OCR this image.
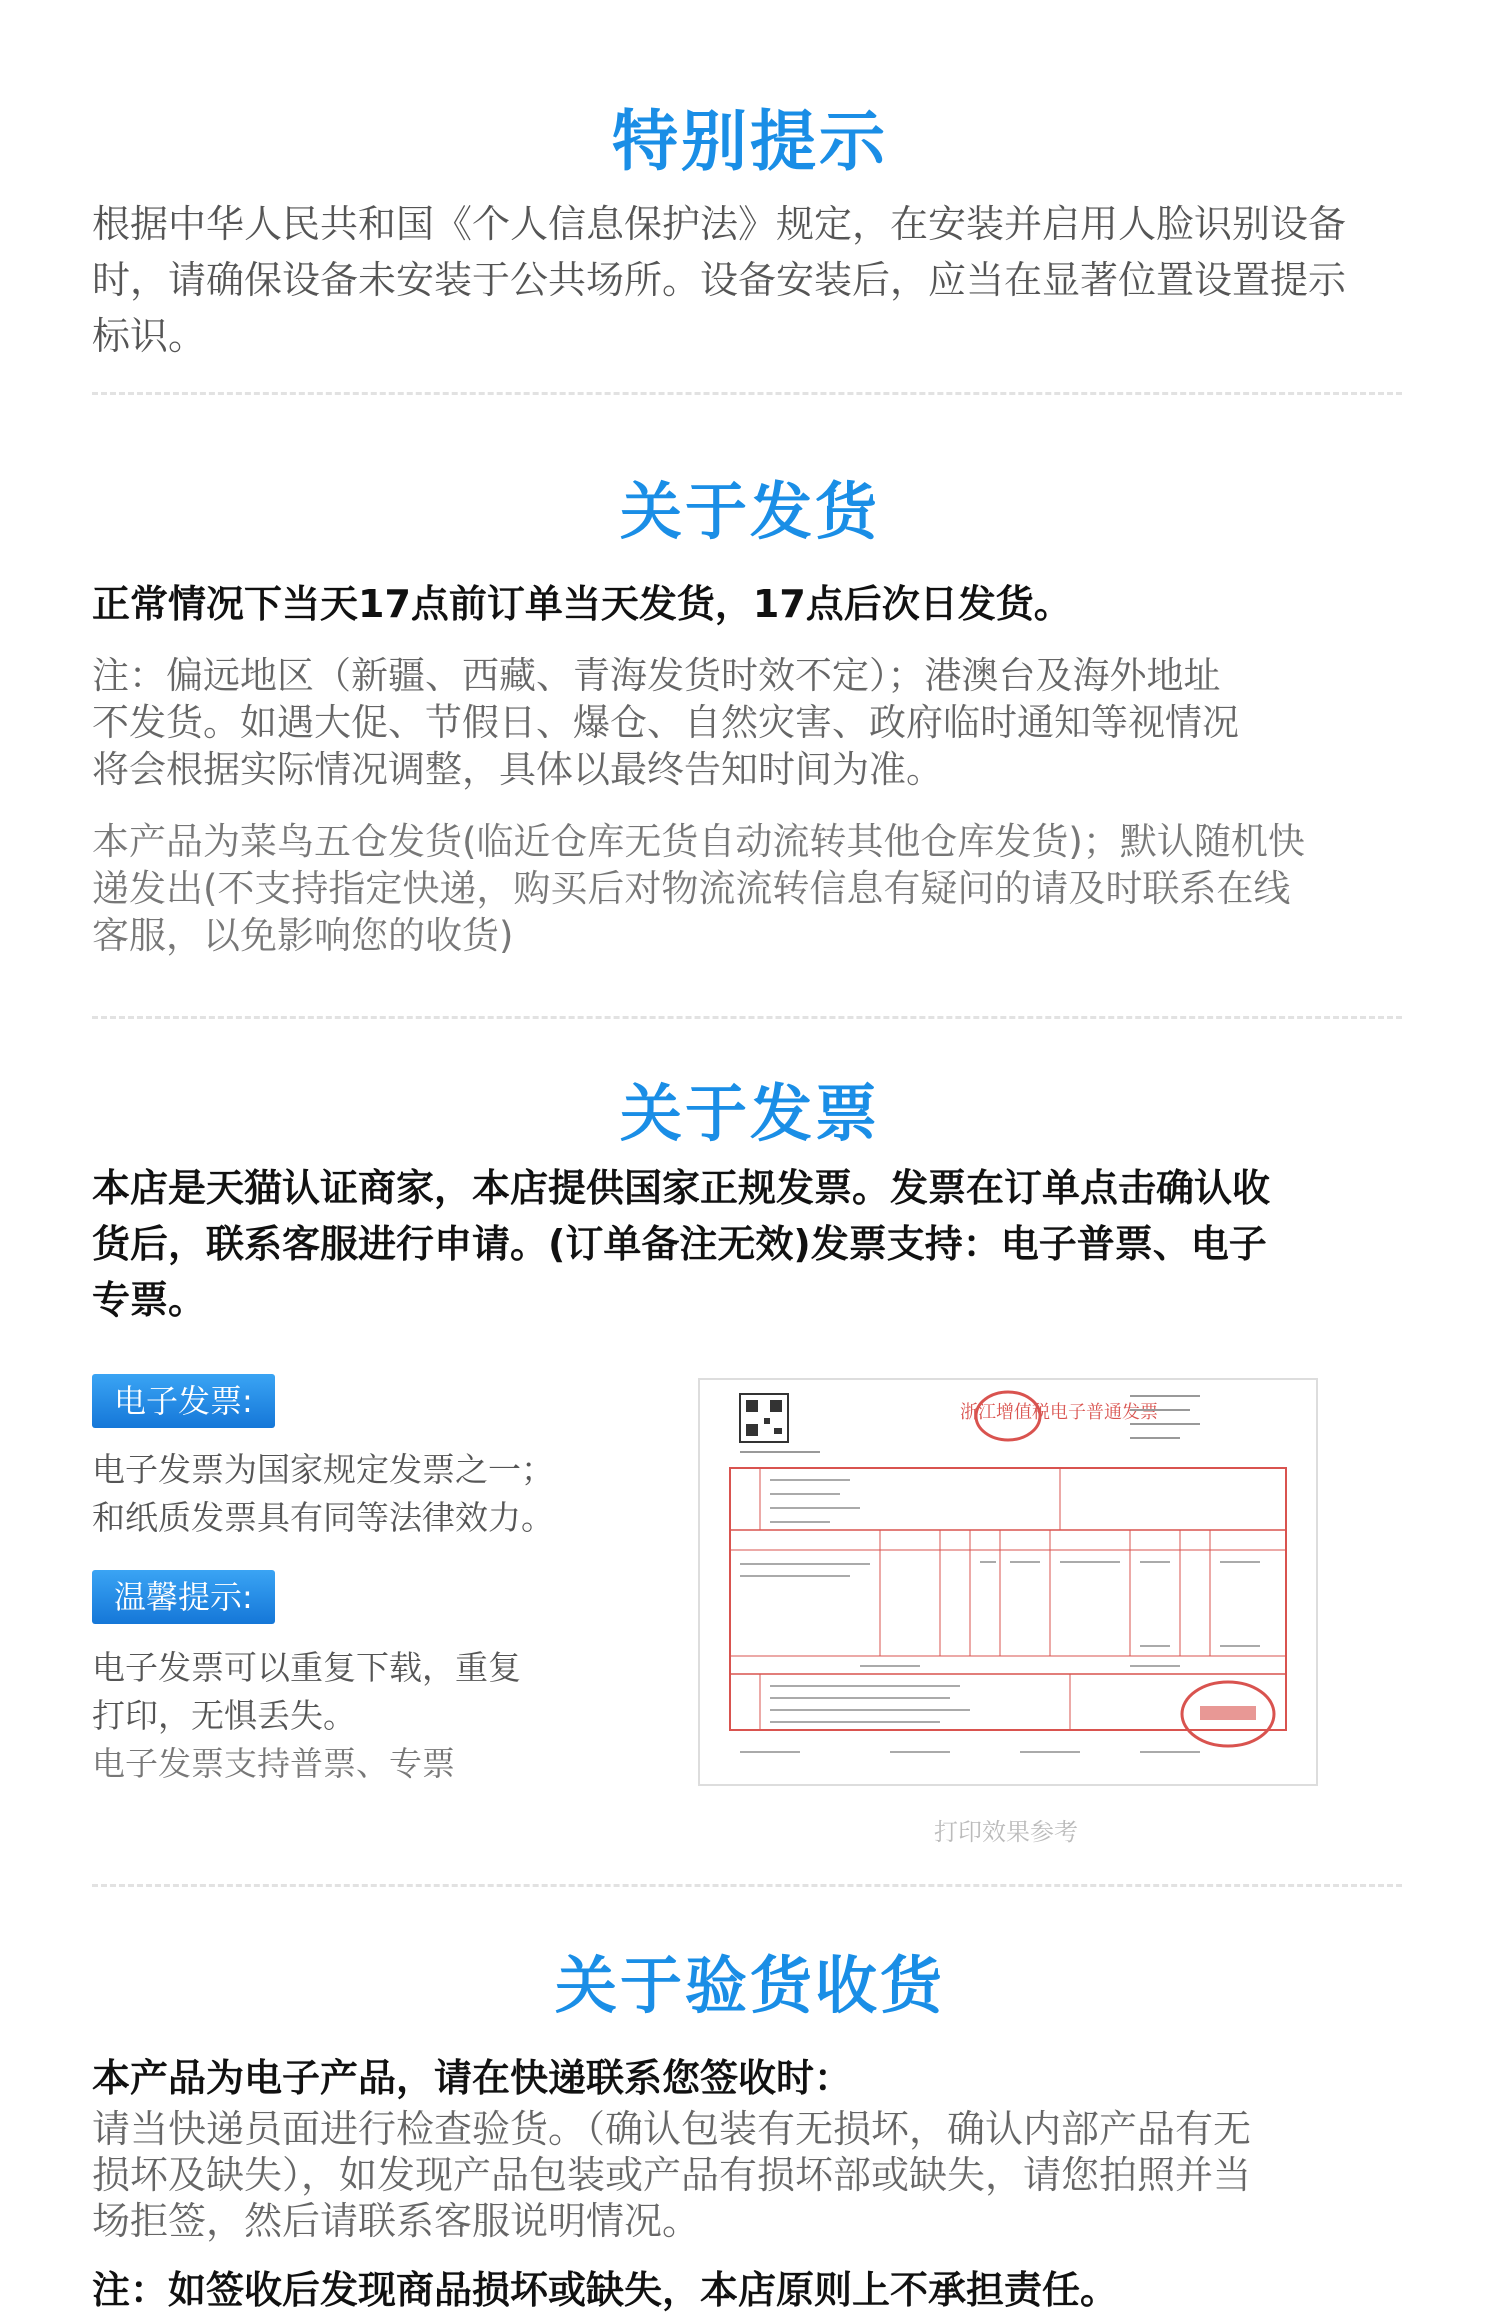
特别提示
根据中华人民共和国《个人信息保护法》规定，在安装并启用人脸识别设备
时，请确保设备未安装于公共场所。设备安装后，应当在显著位置设置提示
标识。
关于发货
正常情况下当天17点前订单当天发货，17点后次日发货。
注：偏远地区（新疆、西藏、青海发货时效不定）；港澳台及海外地址
不发货。如遇大促、节假日、爆仓、自然灾害、政府临时通知等视情况
将会根据实际情况调整，具体以最终告知时间为准。
本产品为菜鸟五仓发货(临近仓库无货自动流转其他仓库发货)；默认随机快
递发出(不支持指定快递，购买后对物流流转信息有疑问的请及时联系在线
客服，以免影响您的收货)
关于发票
本店是天猫认证商家，本店提供国家正规发票。发票在订单点击确认收
货后，联系客服进行申请。(订单备注无效)发票支持：电子普票、电子
专票。
电子发票:
电子发票为国家规定发票之一；
和纸质发票具有同等法律效力。
温馨提示:
电子发票可以重复下载，重复
打印，无惧丢失。
电子发票支持普票、专票
浙江增值税电子普通发票
打印效果参考
关于验货收货
本产品为电子产品，请在快递联系您签收时：
请当快递员面进行检查验货。（确认包装有无损坏，确认内部产品有无
损坏及缺失），如发现产品包装或产品有损坏部或缺失，请您拍照并当
场拒签，然后请联系客服说明情况。
注：如签收后发现商品损坏或缺失，本店原则上不承担责任。
